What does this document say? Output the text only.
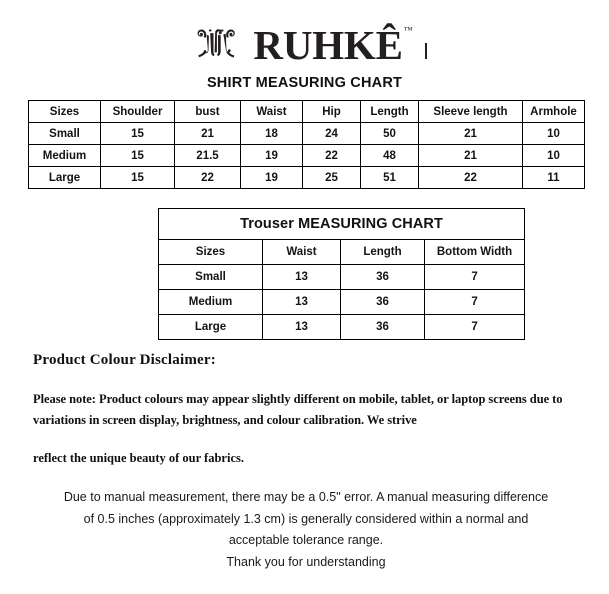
RUHKÊ ™
SHIRT MEASURING CHART
Sizes	Shoulder	bust	Waist	Hip	Length	Sleeve length	Armhole
Small	15	21	18	24	50	21	10
Medium	15	21.5	19	22	48	21	10
Large	15	22	19	25	51	22	11
Trouser MEASURING CHART			
Sizes	Waist	Length	Bottom Width
Small	13	36	7
Medium	13	36	7
Large	13	36	7

Product Colour Disclaimer:

Please note: Product colours may appear slightly different on mobile, tablet, or laptop screens due to variations in screen display, brightness, and colour calibration. We strive

reflect the unique beauty of our fabrics.

Due to manual measurement, there may be a 0.5" error. A manual measuring difference

of 0.5 inches (approximately 1.3 cm) is generally considered within a normal and

acceptable tolerance range.

Thank you for understanding
